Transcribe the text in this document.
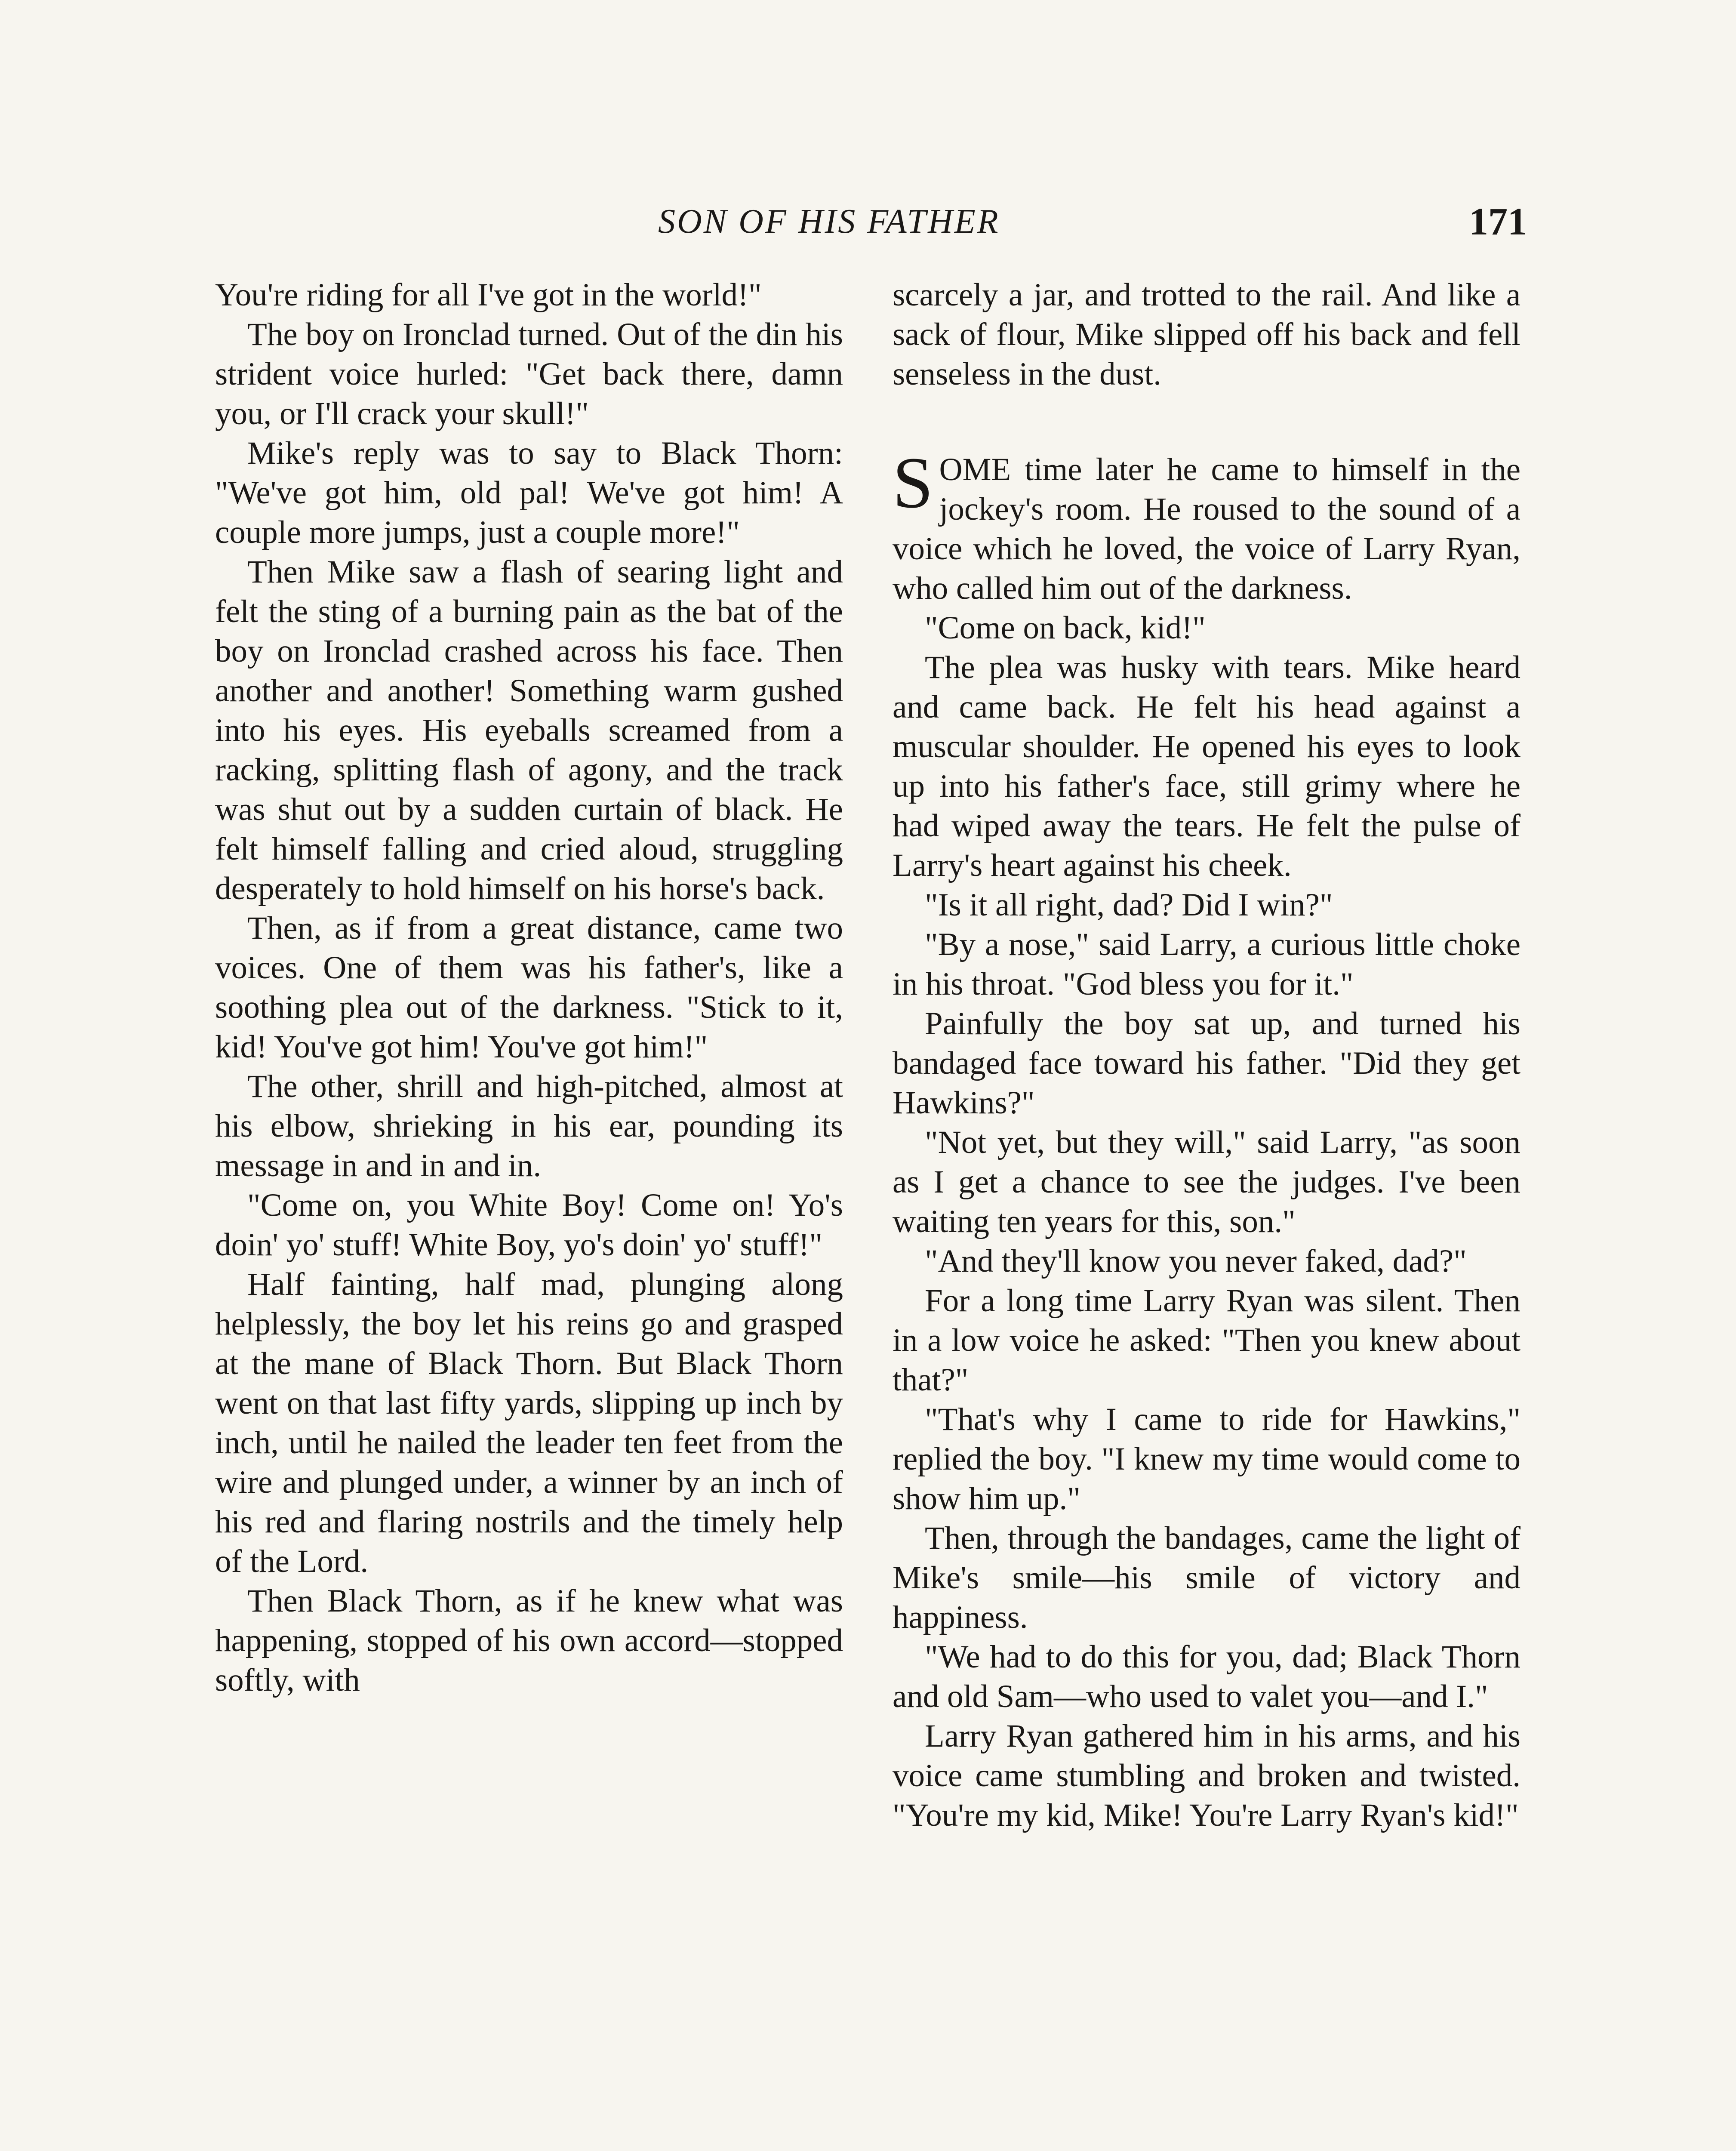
SON OF HIS FATHER	171

You're riding for all I've got in the world!"

The boy on Ironclad turned. Out of the din his strident voice hurled: "Get back there, damn you, or I'll crack your skull!"

Mike's reply was to say to Black Thorn: "We've got him, old pal! We've got him! A couple more jumps, just a couple more!"

Then Mike saw a flash of searing light and felt the sting of a burning pain as the bat of the boy on Ironclad crashed across his face. Then another and another! Something warm gushed into his eyes. His eyeballs screamed from a racking, splitting flash of agony, and the track was shut out by a sudden curtain of black. He felt himself falling and cried aloud, struggling desperately to hold himself on his horse's back.

Then, as if from a great distance, came two voices. One of them was his father's, like a soothing plea out of the darkness. "Stick to it, kid! You've got him! You've got him!"

The other, shrill and high-pitched, almost at his elbow, shrieking in his ear, pounding its message in and in and in.

"Come on, you White Boy! Come on! Yo's doin' yo' stuff! White Boy, yo's doin' yo' stuff!"

Half fainting, half mad, plunging along helplessly, the boy let his reins go and grasped at the mane of Black Thorn. But Black Thorn went on that last fifty yards, slipping up inch by inch, until he nailed the leader ten feet from the wire and plunged under, a winner by an inch of his red and flaring nostrils and the timely help of the Lord.

Then Black Thorn, as if he knew what was happening, stopped of his own accord—stopped softly, with

scarcely a jar, and trotted to the rail. And like a sack of flour, Mike slipped off his back and fell senseless in the dust.

SOME time later he came to himself in the jockey's room. He roused to the sound of a voice which he loved, the voice of Larry Ryan, who called him out of the darkness.

"Come on back, kid!"

The plea was husky with tears. Mike heard and came back. He felt his head against a muscular shoulder. He opened his eyes to look up into his father's face, still grimy where he had wiped away the tears. He felt the pulse of Larry's heart against his cheek.

"Is it all right, dad? Did I win?"

"By a nose," said Larry, a curious little choke in his throat. "God bless you for it."

Painfully the boy sat up, and turned his bandaged face toward his father. "Did they get Hawkins?"

"Not yet, but they will," said Larry, "as soon as I get a chance to see the judges. I've been waiting ten years for this, son."

"And they'll know you never faked, dad?"

For a long time Larry Ryan was silent. Then in a low voice he asked: "Then you knew about that?"

"That's why I came to ride for Hawkins," replied the boy. "I knew my time would come to show him up."

Then, through the bandages, came the light of Mike's smile—his smile of victory and happiness.

"We had to do this for you, dad; Black Thorn and old Sam—who used to valet you—and I."

Larry Ryan gathered him in his arms, and his voice came stumbling and broken and twisted. "You're my kid, Mike! You're Larry Ryan's kid!"
